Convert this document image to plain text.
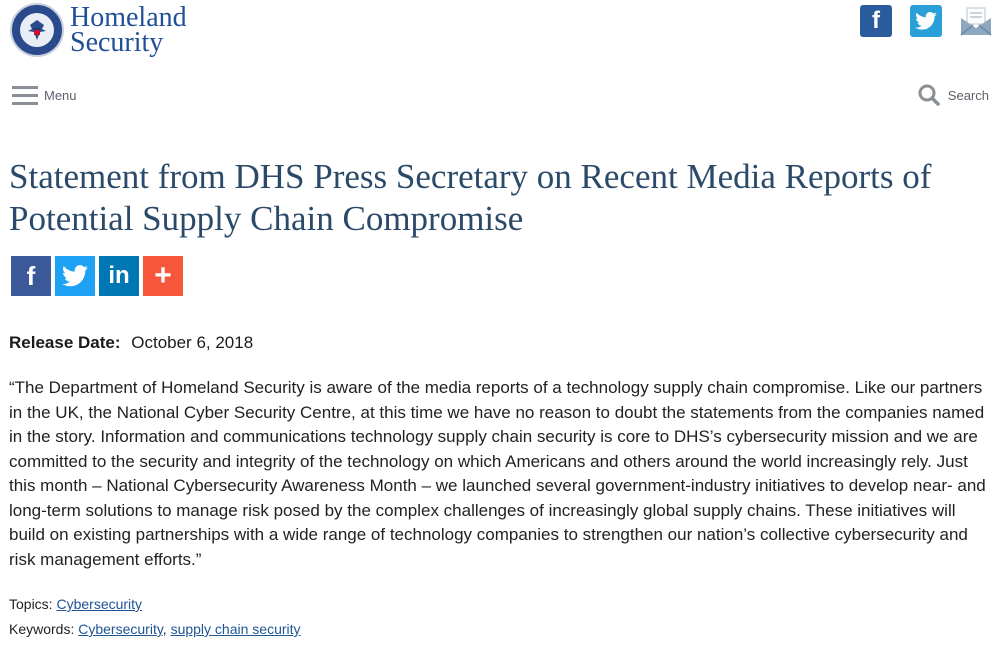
Homeland
Security
f
Menu	Search
Statement from DHS Press Secretary on Recent Media Reports of Potential Supply Chain Compromise
f	in +
Release Date: October 6, 2018

“The Department of Homeland Security is aware of the media reports of a technology supply chain compromise. Like our partners in the UK, the National Cyber Security Centre, at this time we have no reason to doubt the statements from the companies named in the story. Information and communications technology supply chain security is core to DHS’s cybersecurity mission and we are committed to the security and integrity of the technology on which Americans and others around the world increasingly rely. Just this month – National Cybersecurity Awareness Month – we launched several government-industry initiatives to develop near- and long-term solutions to manage risk posed by the complex challenges of increasingly global supply chains. These initiatives will build on existing partnerships with a wide range of technology companies to strengthen our nation’s collective cybersecurity and risk management efforts.”

Topics: Cybersecurity
Keywords: Cybersecurity, supply chain security
